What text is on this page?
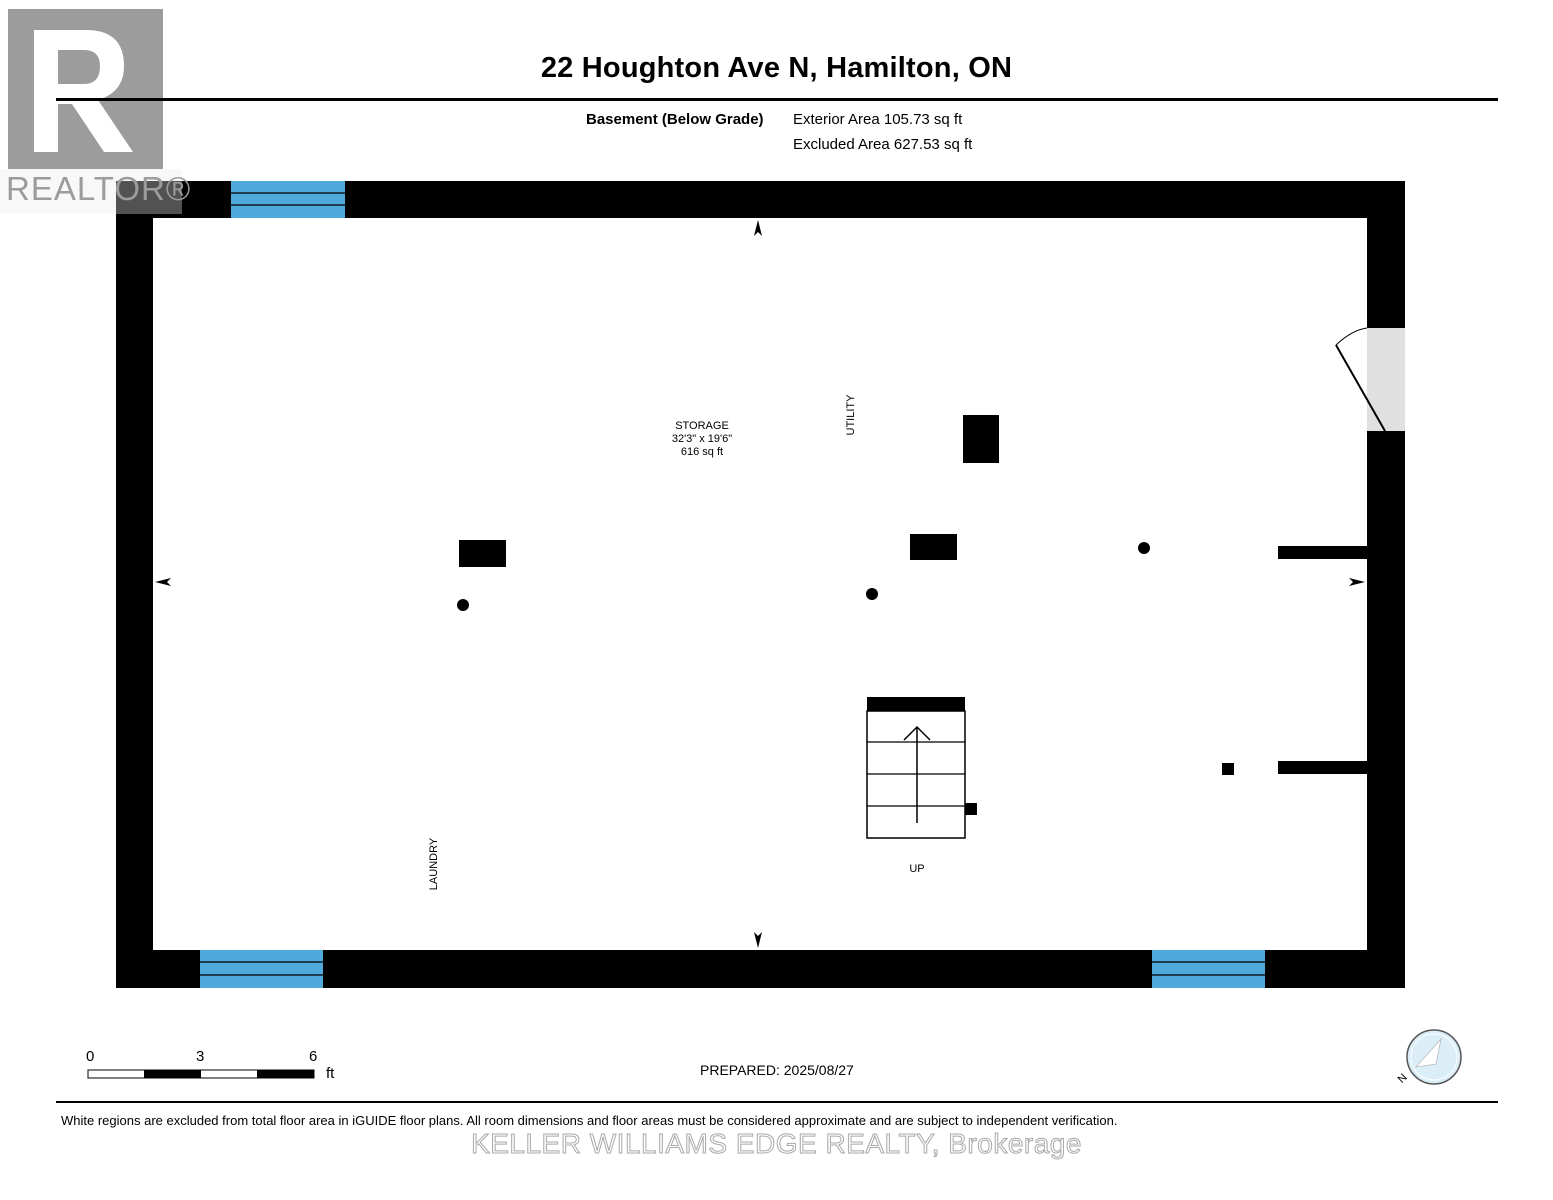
N
REALTOR®
22 Houghton Ave N, Hamilton, ON
Basement (Below Grade) Exterior Area 105.73 sq ft
Excluded Area 627.53 sq ft
STORAGE
32'3" x 19'6"
616 sq ft
UTILITY
LAUNDRY	UP
0	3	6
ft	PREPARED: 2025/08/27
White regions are excluded from total floor area in iGUIDE floor plans. All room dimensions and floor areas must be considered approximate and are subject to independent verification.
KELLER WILLIAMS EDGE REALTY, Brokerage
